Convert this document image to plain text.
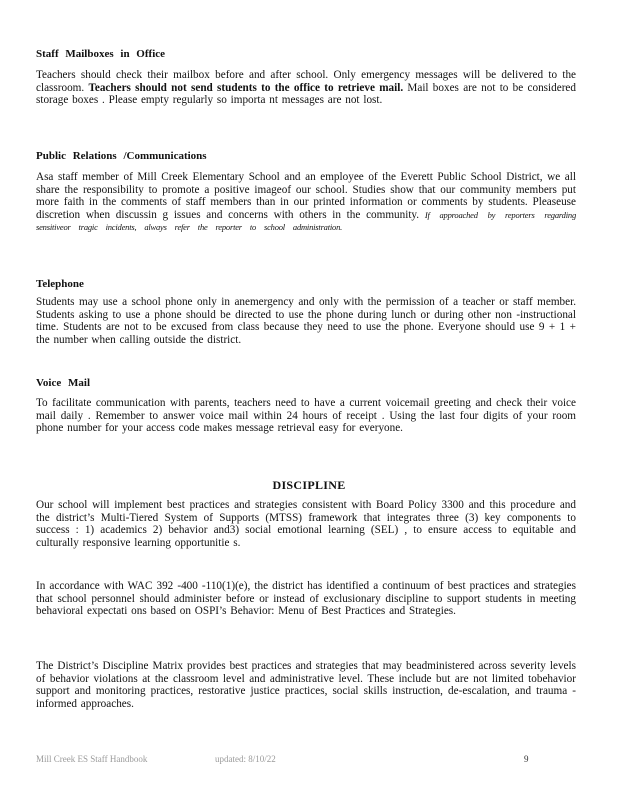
Staff Mailboxes in Office

Teachers should check their mailbox before and after school. Only emergency messages will be delivered to the classroom. Teachers should not send students to the office to retrieve mail. Mail boxes are not to be considered storage boxes . Please empty regularly so importa nt messages are not lost.

Public Relations /Communications

Asa staff member of Mill Creek Elementary School and an employee of the Everett Public School District, we all share the responsibility to promote a positive imageof our school. Studies show that our community members put more faith in the comments of staff members than in our printed information or comments by students. Pleaseuse discretion when discussin g issues and concerns with others in the community. If approached by reporters regarding sensitiveor tragic incidents, always refer the reporter to school administration.

Telephone

Students may use a school phone only in anemergency and only with the permission of a teacher or staff member. Students asking to use a phone should be directed to use the phone during lunch or during other non -instructional time. Students are not to be excused from class because they need to use the phone. Everyone should use 9 + 1 + the number when calling outside the district.

Voice Mail

To facilitate communication with parents, teachers need to have a current voicemail greeting and check their voice mail daily . Remember to answer voice mail within 24 hours of receipt . Using the last four digits of your room phone number for your access code makes message retrieval easy for everyone.

DISCIPLINE

Our school will implement best practices and strategies consistent with Board Policy 3300 and this procedure and the district’s Multi-Tiered System of Supports (MTSS) framework that integrates three (3) key components to success : 1) academics 2) behavior and3) social emotional learning (SEL) , to ensure access to equitable and culturally responsive learning opportunitie s.

In accordance with WAC 392 -400 -110(1)(e), the district has identified a continuum of best practices and strategies that school personnel should administer before or instead of exclusionary discipline to support students in meeting behavioral expectati ons based on OSPI’s Behavior: Menu of Best Practices and Strategies.

The District’s Discipline Matrix provides best practices and strategies that may beadministered across severity levels of behavior violations at the classroom level and administrative level. These include but are not limited tobehavior support and monitoring practices, restorative justice practices, social skills instruction, de-escalation, and trauma -informed approaches.

Mill Creek ES Staff Handbook	updated: 8/10/22	9
